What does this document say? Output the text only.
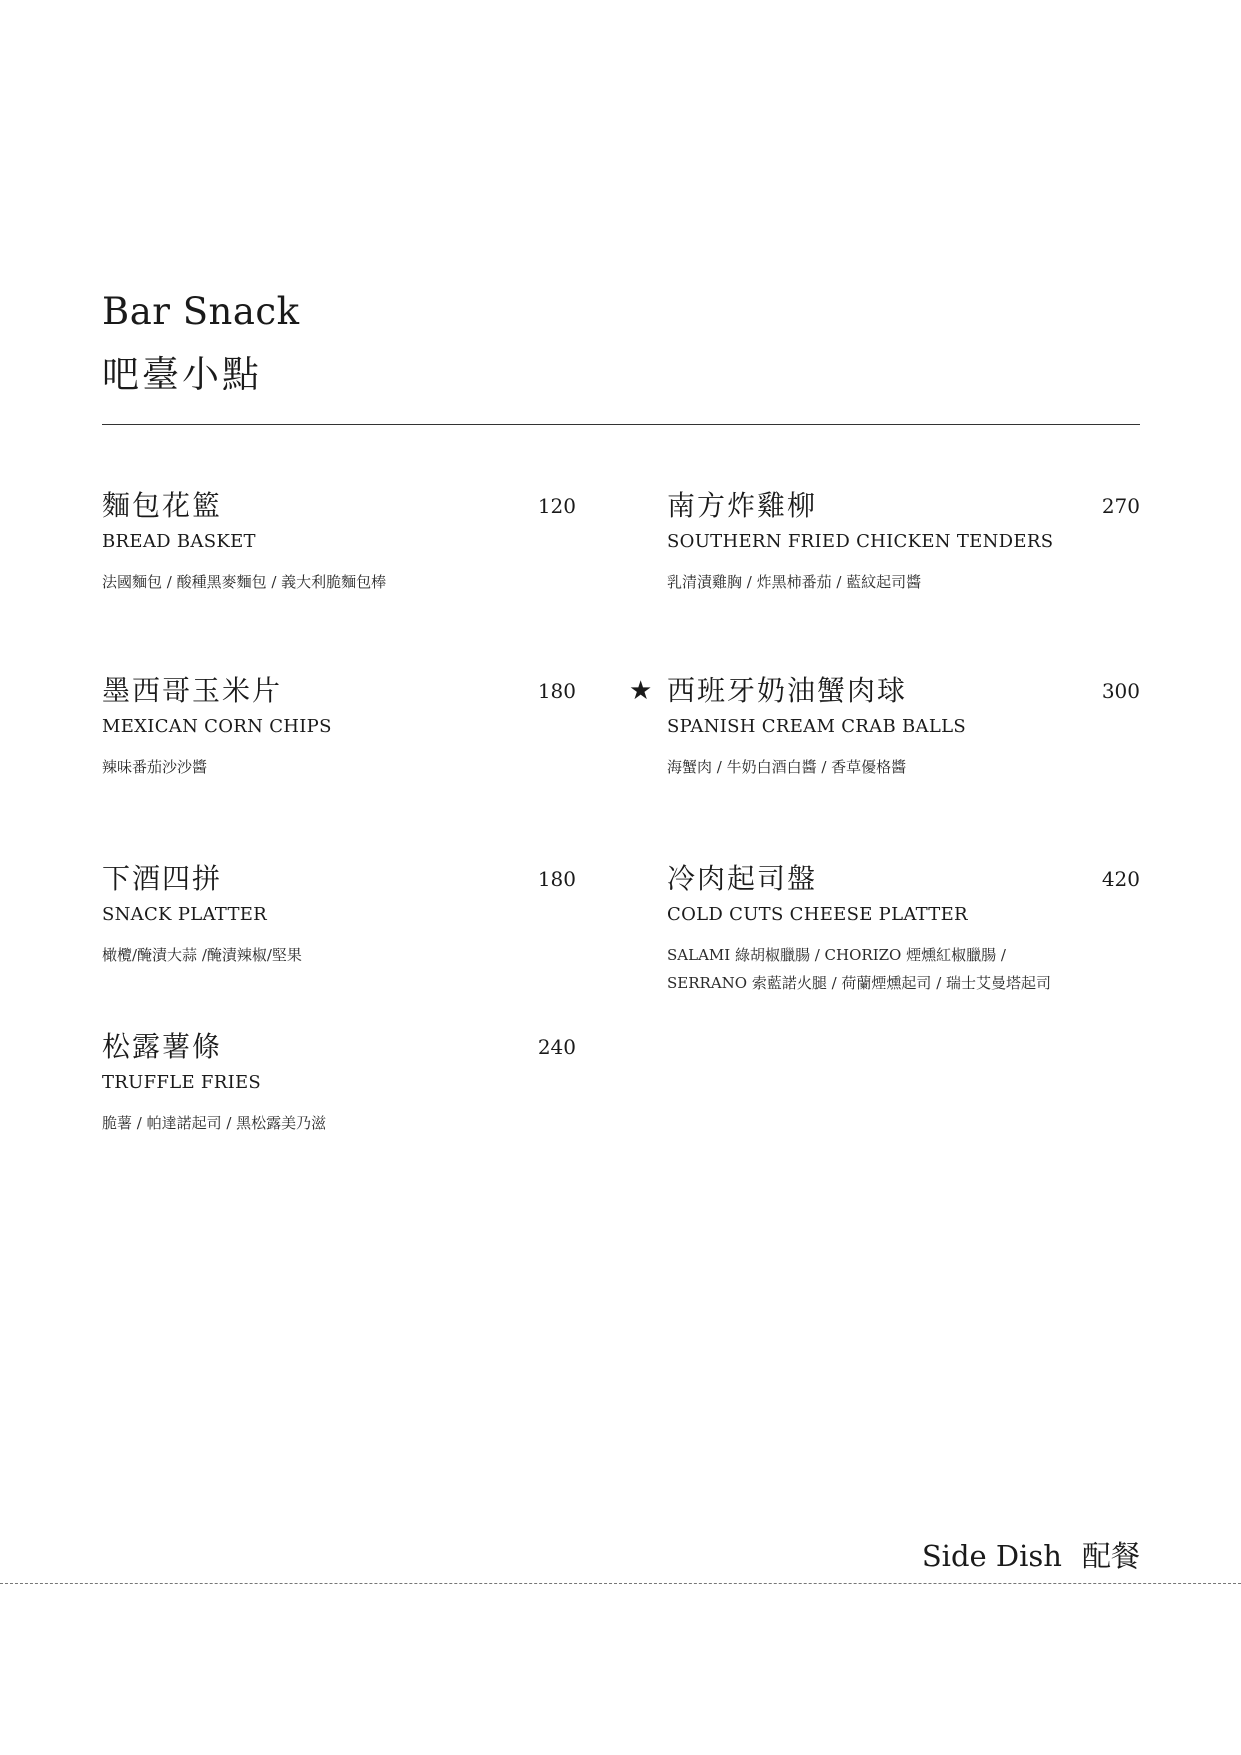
Bar Snack
吧臺小點
麵包花籃	120
BREAD BASKET
法國麵包 / 酸種黑麥麵包 / 義大利脆麵包棒
南方炸雞柳	270
SOUTHERN FRIED CHICKEN TENDERS
乳清漬雞胸 / 炸黑柿番茄 / 藍紋起司醬
墨西哥玉米片	180
MEXICAN CORN CHIPS
辣味番茄沙沙醬
★ 西班牙奶油蟹肉球	300
SPANISH CREAM CRAB BALLS
海蟹肉 / 牛奶白酒白醬 / 香草優格醬
下酒四拼	180
SNACK PLATTER
橄欖/醃漬大蒜 /醃漬辣椒/堅果
冷肉起司盤	420
COLD CUTS CHEESE PLATTER
SALAMI 綠胡椒臘腸 / CHORIZO 煙燻紅椒臘腸 /
SERRANO 索藍諾火腿 / 荷蘭煙燻起司 / 瑞士艾曼塔起司
松露薯條	240
TRUFFLE FRIES
脆薯 / 帕達諾起司 / 黑松露美乃滋
Side Dish 配餐
